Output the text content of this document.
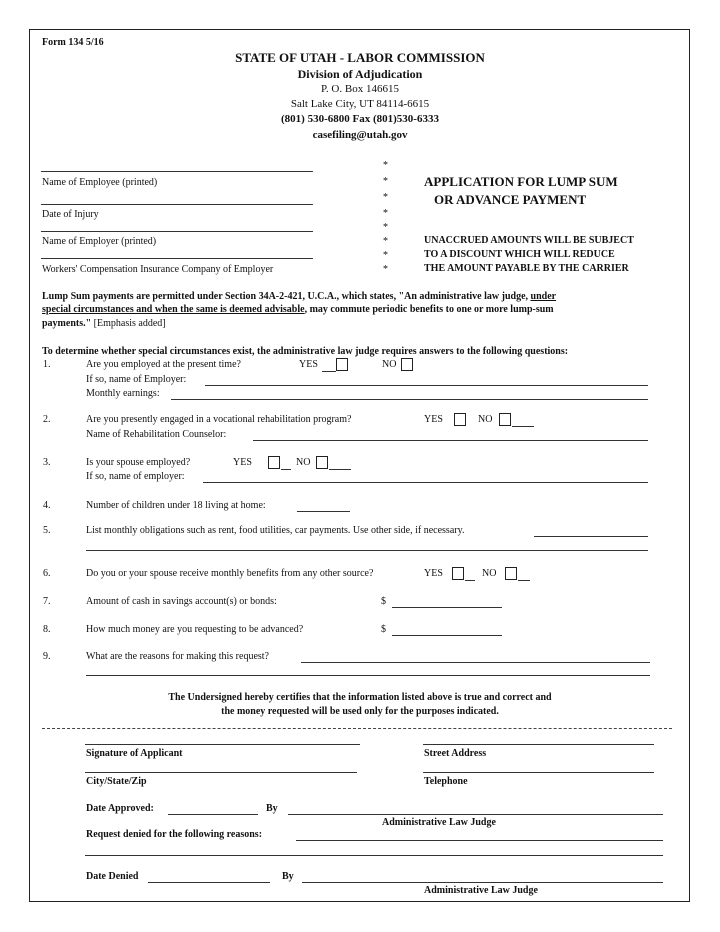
Form 134 5/16
STATE OF UTAH - LABOR COMMISSION
Division of Adjudication
P. O. Box 146615
Salt Lake City, UT 84114-6615
(801) 530-6800 Fax (801)530-6333
casefiling@utah.gov
Name of Employee (printed)
Date of Injury
Name of Employer (printed)
Workers' Compensation Insurance Company of Employer
*
*
*
*
*
*
*
*
APPLICATION FOR LUMP SUM
OR ADVANCE PAYMENT
UNACCRUED AMOUNTS WILL BE SUBJECT
TO A DISCOUNT WHICH WILL REDUCE
THE AMOUNT PAYABLE BY THE CARRIER
Lump Sum payments are permitted under Section 34A-2-421, U.C.A., which states, "An administrative law judge, under
special circumstances and when the same is deemed advisable, may commute periodic benefits to one or more lump-sum
payments." [Emphasis added]
To determine whether special circumstances exist, the administrative law judge requires answers to the following questions:
1.	Are you employed at the present time?	YES	NO
If so, name of Employer:
Monthly earnings:
2.	Are you presently engaged in a vocational rehabilitation program?	YES	NO
Name of Rehabilitation Counselor:
3.	Is your spouse employed?	YES	NO
If so, name of employer:
4.	Number of children under 18 living at home:
5.	List monthly obligations such as rent, food utilities, car payments. Use other side, if necessary.
6.	Do you or your spouse receive monthly benefits from any other source?	YES	NO
7.	Amount of cash in savings account(s) or bonds:	$
8.	How much money are you requesting to be advanced?	$
9.	What are the reasons for making this request?
The Undersigned hereby certifies that the information listed above is true and correct and
the money requested will be used only for the purposes indicated.
Signature of Applicant	Street Address
City/State/Zip	Telephone
Date Approved:	By
Administrative Law Judge
Request denied for the following reasons:
Date Denied	By
Administrative Law Judge
